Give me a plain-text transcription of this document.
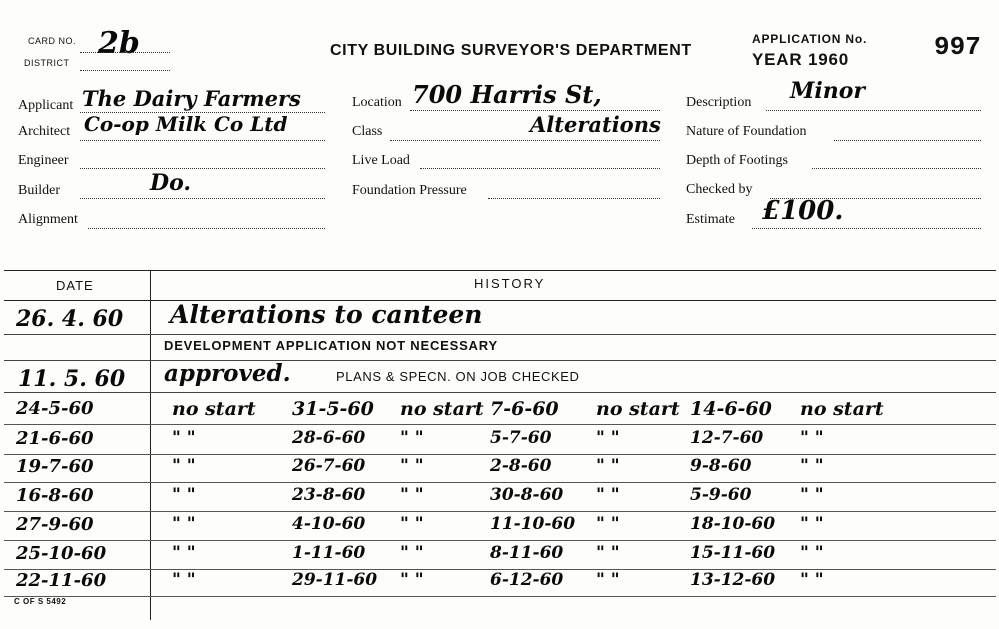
CARD NO.
DISTRICT
2b	CITY BUILDING SURVEYOR'S DEPARTMENT
APPLICATION No.
YEAR 1960	997
Applicant The Dairy Farmers
Architect Co-op Milk Co Ltd
Engineer
Builder	Do.
Alignment
Location 700 Harris St,
Class	Alterations
Live Load
Foundation Pressure
Description Minor
Nature of Foundation
Depth of Footings
Checked by
Estimate £100.
DATE	HISTORY
26. 4. 60 Alterations to canteen
DEVELOPMENT APPLICATION NOT NECESSARY
11. 5. 60 approved.	PLANS & SPECN. ON JOB CHECKED
24-5-60	no start 31-5-60 no start 7-6-60 no start 14-6-60 no start
21-6-60	" "	28-6-60 " "	5-7-60	" "	12-7-60 " "
19-7-60	" "	26-7-60 " "	2-8-60	" "	9-8-60	" "
16-8-60	" "	23-8-60 " "	30-8-60 " "	5-9-60	" "
27-9-60	" "	4-10-60 " "	11-10-60 " "	18-10-60 " "
25-10-60	" "	1-11-60 " "	8-11-60 " "	15-11-60 " "
22-11-60	" "	29-11-60 " "	6-12-60 " "	13-12-60 " "
C OF S 5492
